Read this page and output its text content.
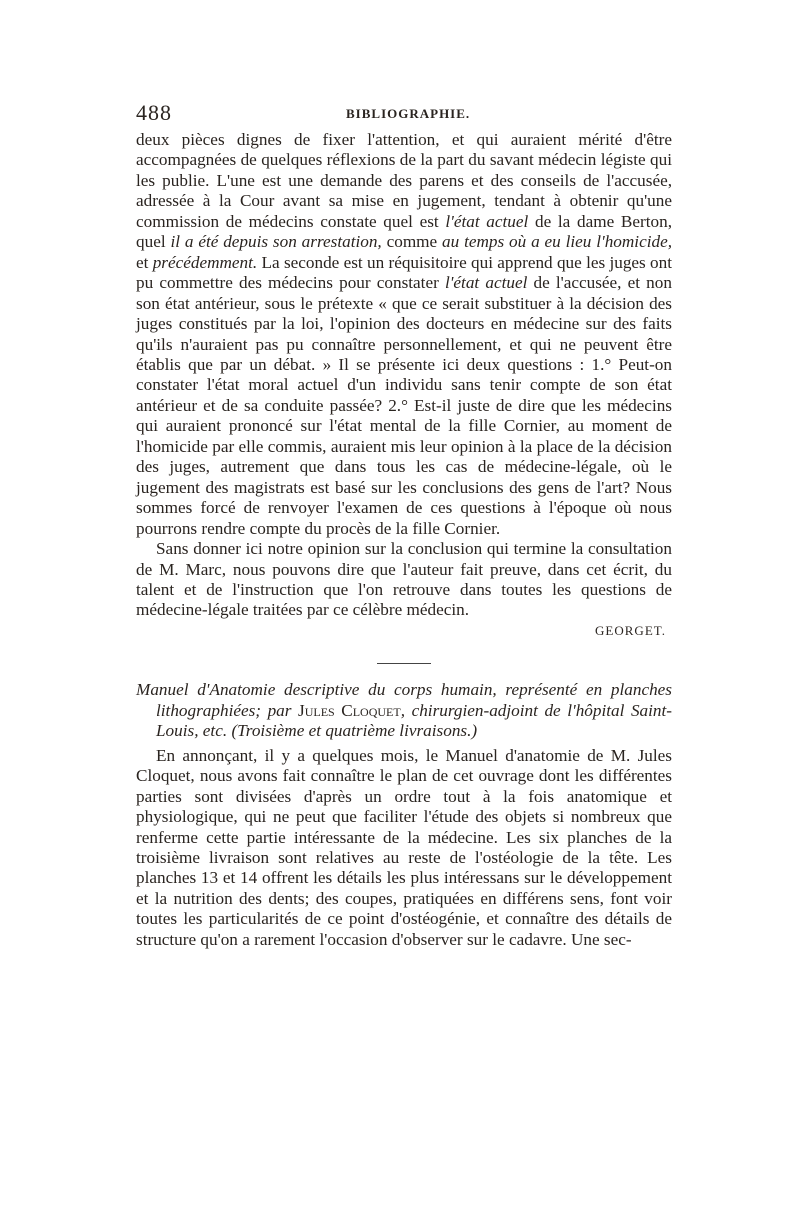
488	BIBLIOGRAPHIE.

deux pièces dignes de fixer l'attention, et qui auraient mérité d'être accompagnées de quelques réflexions de la part du savant médecin légiste qui les publie. L'une est une demande des parens et des conseils de l'accusée, adressée à la Cour avant sa mise en jugement, tendant à obtenir qu'une commission de médecins constate quel est l'état actuel de la dame Berton, quel il a été depuis son arrestation, comme au temps où a eu lieu l'homicide, et précédemment. La seconde est un réquisitoire qui apprend que les juges ont pu commettre des médecins pour constater l'état actuel de l'accusée, et non son état antérieur, sous le prétexte « que ce serait substituer à la décision des juges constitués par la loi, l'opinion des docteurs en médecine sur des faits qu'ils n'auraient pas pu connaître personnellement, et qui ne peuvent être établis que par un débat. » Il se présente ici deux questions : 1.° Peut-on constater l'état moral actuel d'un individu sans tenir compte de son état antérieur et de sa conduite passée? 2.° Est-il juste de dire que les médecins qui auraient prononcé sur l'état mental de la fille Cornier, au moment de l'homicide par elle commis, auraient mis leur opinion à la place de la décision des juges, autrement que dans tous les cas de médecine-légale, où le jugement des magistrats est basé sur les conclusions des gens de l'art? Nous sommes forcé de renvoyer l'examen de ces questions à l'époque où nous pourrons rendre compte du procès de la fille Cornier.

Sans donner ici notre opinion sur la conclusion qui termine la consultation de M. Marc, nous pouvons dire que l'auteur fait preuve, dans cet écrit, du talent et de l'instruction que l'on retrouve dans toutes les questions de médecine-légale traitées par ce célèbre médecin.

GEORGET.

Manuel d'Anatomie descriptive du corps humain, représenté en planches lithographiées; par Jules Cloquet, chirurgien-adjoint de l'hôpital Saint-Louis, etc. (Troisième et quatrième livraisons.)

En annonçant, il y a quelques mois, le Manuel d'anatomie de M. Jules Cloquet, nous avons fait connaître le plan de cet ouvrage dont les différentes parties sont divisées d'après un ordre tout à la fois anatomique et physiologique, qui ne peut que faciliter l'étude des objets si nombreux que renferme cette partie intéressante de la médecine. Les six planches de la troisième livraison sont relatives au reste de l'ostéologie de la tête. Les planches 13 et 14 offrent les détails les plus intéressans sur le développement et la nutrition des dents; des coupes, pratiquées en différens sens, font voir toutes les particularités de ce point d'ostéogénie, et connaître des détails de structure qu'on a rarement l'occasion d'observer sur le cadavre. Une sec-
